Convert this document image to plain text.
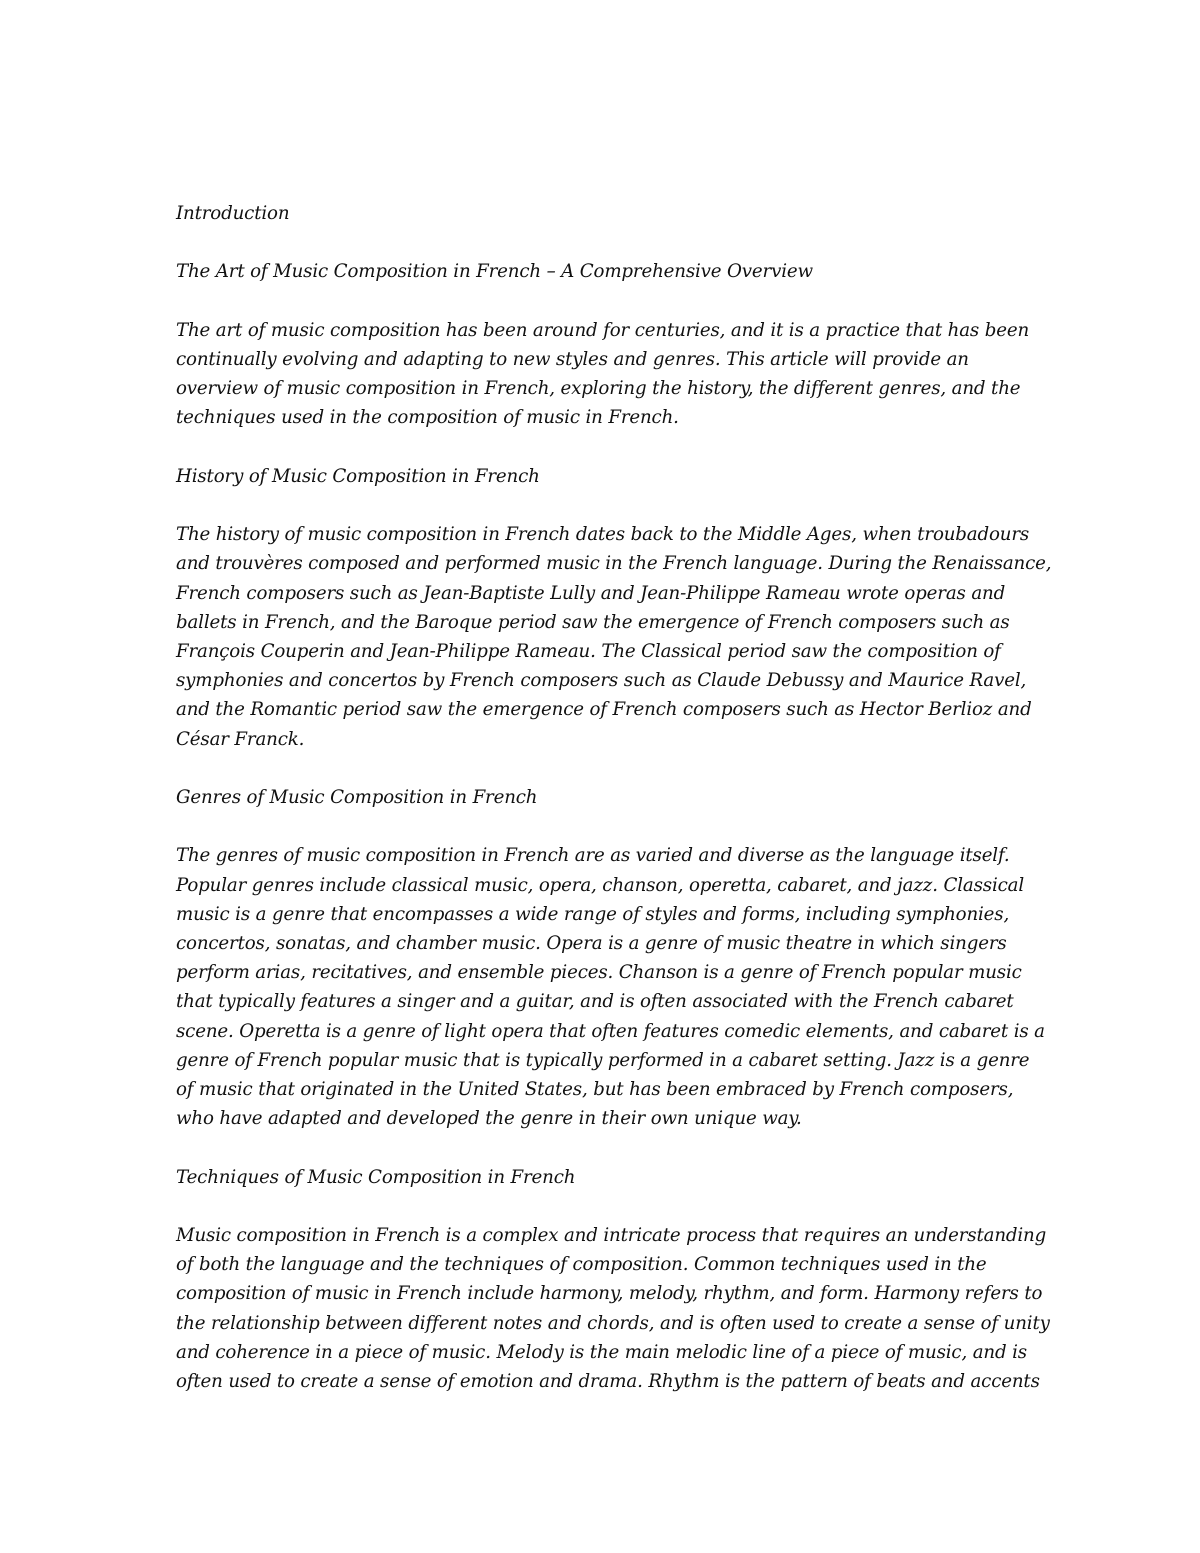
Introduction
The Art of Music Composition in French – A Comprehensive Overview
The art of music composition has been around for centuries, and it is a practice that has been
continually evolving and adapting to new styles and genres. This article will provide an
overview of music composition in French, exploring the history, the different genres, and the
techniques used in the composition of music in French.
History of Music Composition in French
The history of music composition in French dates back to the Middle Ages, when troubadours
and trouvères composed and performed music in the French language. During the Renaissance,
French composers such as Jean-Baptiste Lully and Jean-Philippe Rameau wrote operas and
ballets in French, and the Baroque period saw the emergence of French composers such as
François Couperin and Jean-Philippe Rameau. The Classical period saw the composition of
symphonies and concertos by French composers such as Claude Debussy and Maurice Ravel,
and the Romantic period saw the emergence of French composers such as Hector Berlioz and
César Franck.
Genres of Music Composition in French
The genres of music composition in French are as varied and diverse as the language itself.
Popular genres include classical music, opera, chanson, operetta, cabaret, and jazz. Classical
music is a genre that encompasses a wide range of styles and forms, including symphonies,
concertos, sonatas, and chamber music. Opera is a genre of music theatre in which singers
perform arias, recitatives, and ensemble pieces. Chanson is a genre of French popular music
that typically features a singer and a guitar, and is often associated with the French cabaret
scene. Operetta is a genre of light opera that often features comedic elements, and cabaret is a
genre of French popular music that is typically performed in a cabaret setting. Jazz is a genre
of music that originated in the United States, but has been embraced by French composers,
who have adapted and developed the genre in their own unique way.
Techniques of Music Composition in French
Music composition in French is a complex and intricate process that requires an understanding
of both the language and the techniques of composition. Common techniques used in the
composition of music in French include harmony, melody, rhythm, and form. Harmony refers to
the relationship between different notes and chords, and is often used to create a sense of unity
and coherence in a piece of music. Melody is the main melodic line of a piece of music, and is
often used to create a sense of emotion and drama. Rhythm is the pattern of beats and accents
